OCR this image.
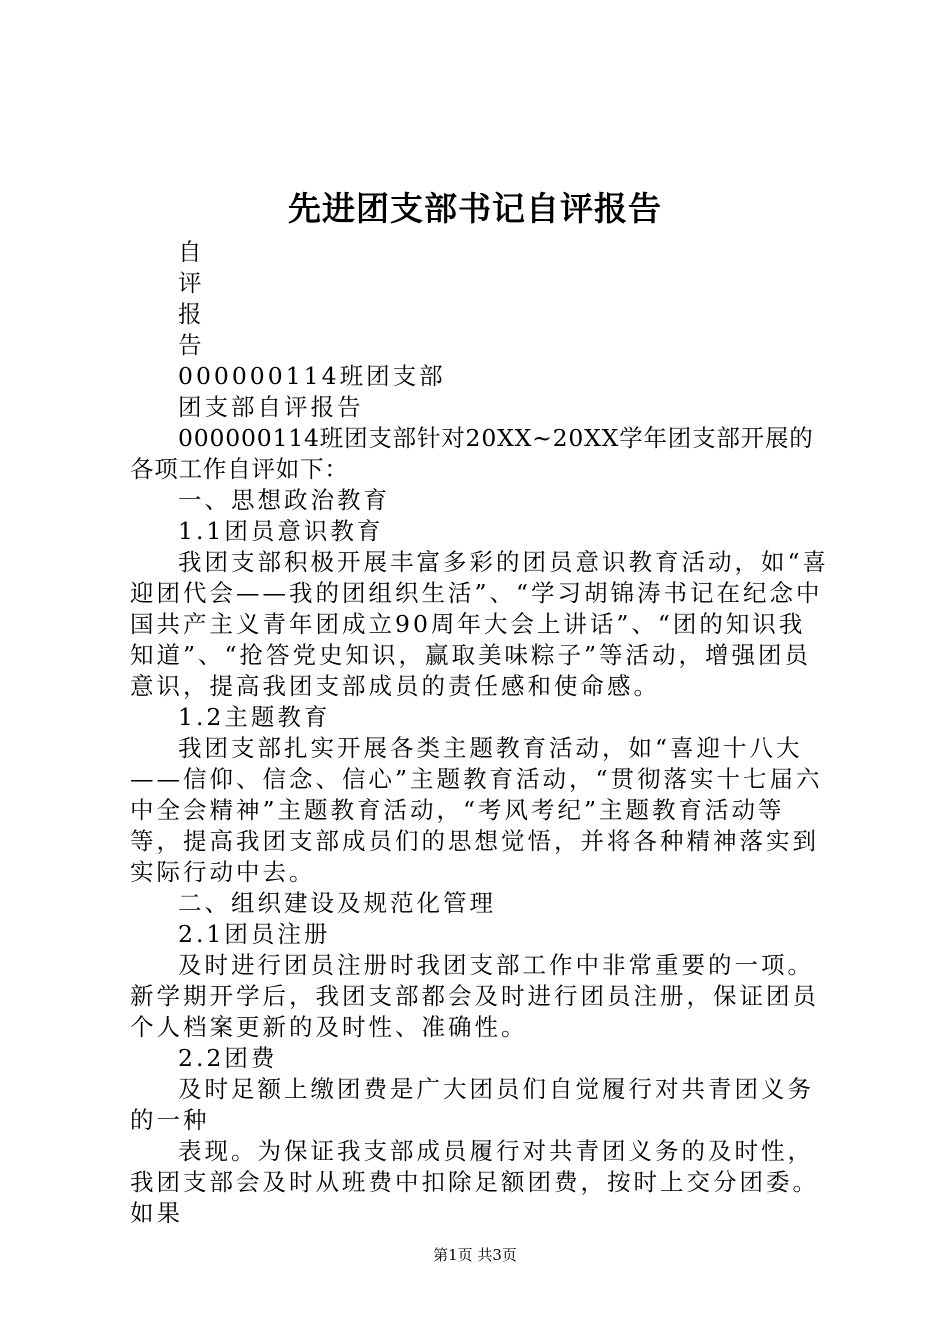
先进团支部书记自评报告

自

评

报

告

000000114班团支部

团支部自评报告

000000114班团支部针对20XX~20XX学年团支部开展的各项工作自评如下：

一、思想政治教育

1.1团员意识教育

我团支部积极开展丰富多彩的团员意识教育活动，如“喜迎团代会——我的团组织生活”、“学习胡锦涛书记在纪念中国共产主义青年团成立90周年大会上讲话”、“团的知识我知道”、“抢答党史知识，赢取美味粽子”等活动，增强团员意识，提高我团支部成员的责任感和使命感。

1.2主题教育

我团支部扎实开展各类主题教育活动，如“喜迎十八大——信仰、信念、信心”主题教育活动，“贯彻落实十七届六中全会精神”主题教育活动，“考风考纪”主题教育活动等等，提高我团支部成员们的思想觉悟，并将各种精神落实到实际行动中去。

二、组织建设及规范化管理

2.1团员注册

及时进行团员注册时我团支部工作中非常重要的一项。新学期开学后，我团支部都会及时进行团员注册，保证团员个人档案更新的及时性、准确性。

2.2团费

及时足额上缴团费是广大团员们自觉履行对共青团义务的一种

表现。为保证我支部成员履行对共青团义务的及时性，我团支部会及时从班费中扣除足额团费，按时上交分团委。如果

第1页 共3页
